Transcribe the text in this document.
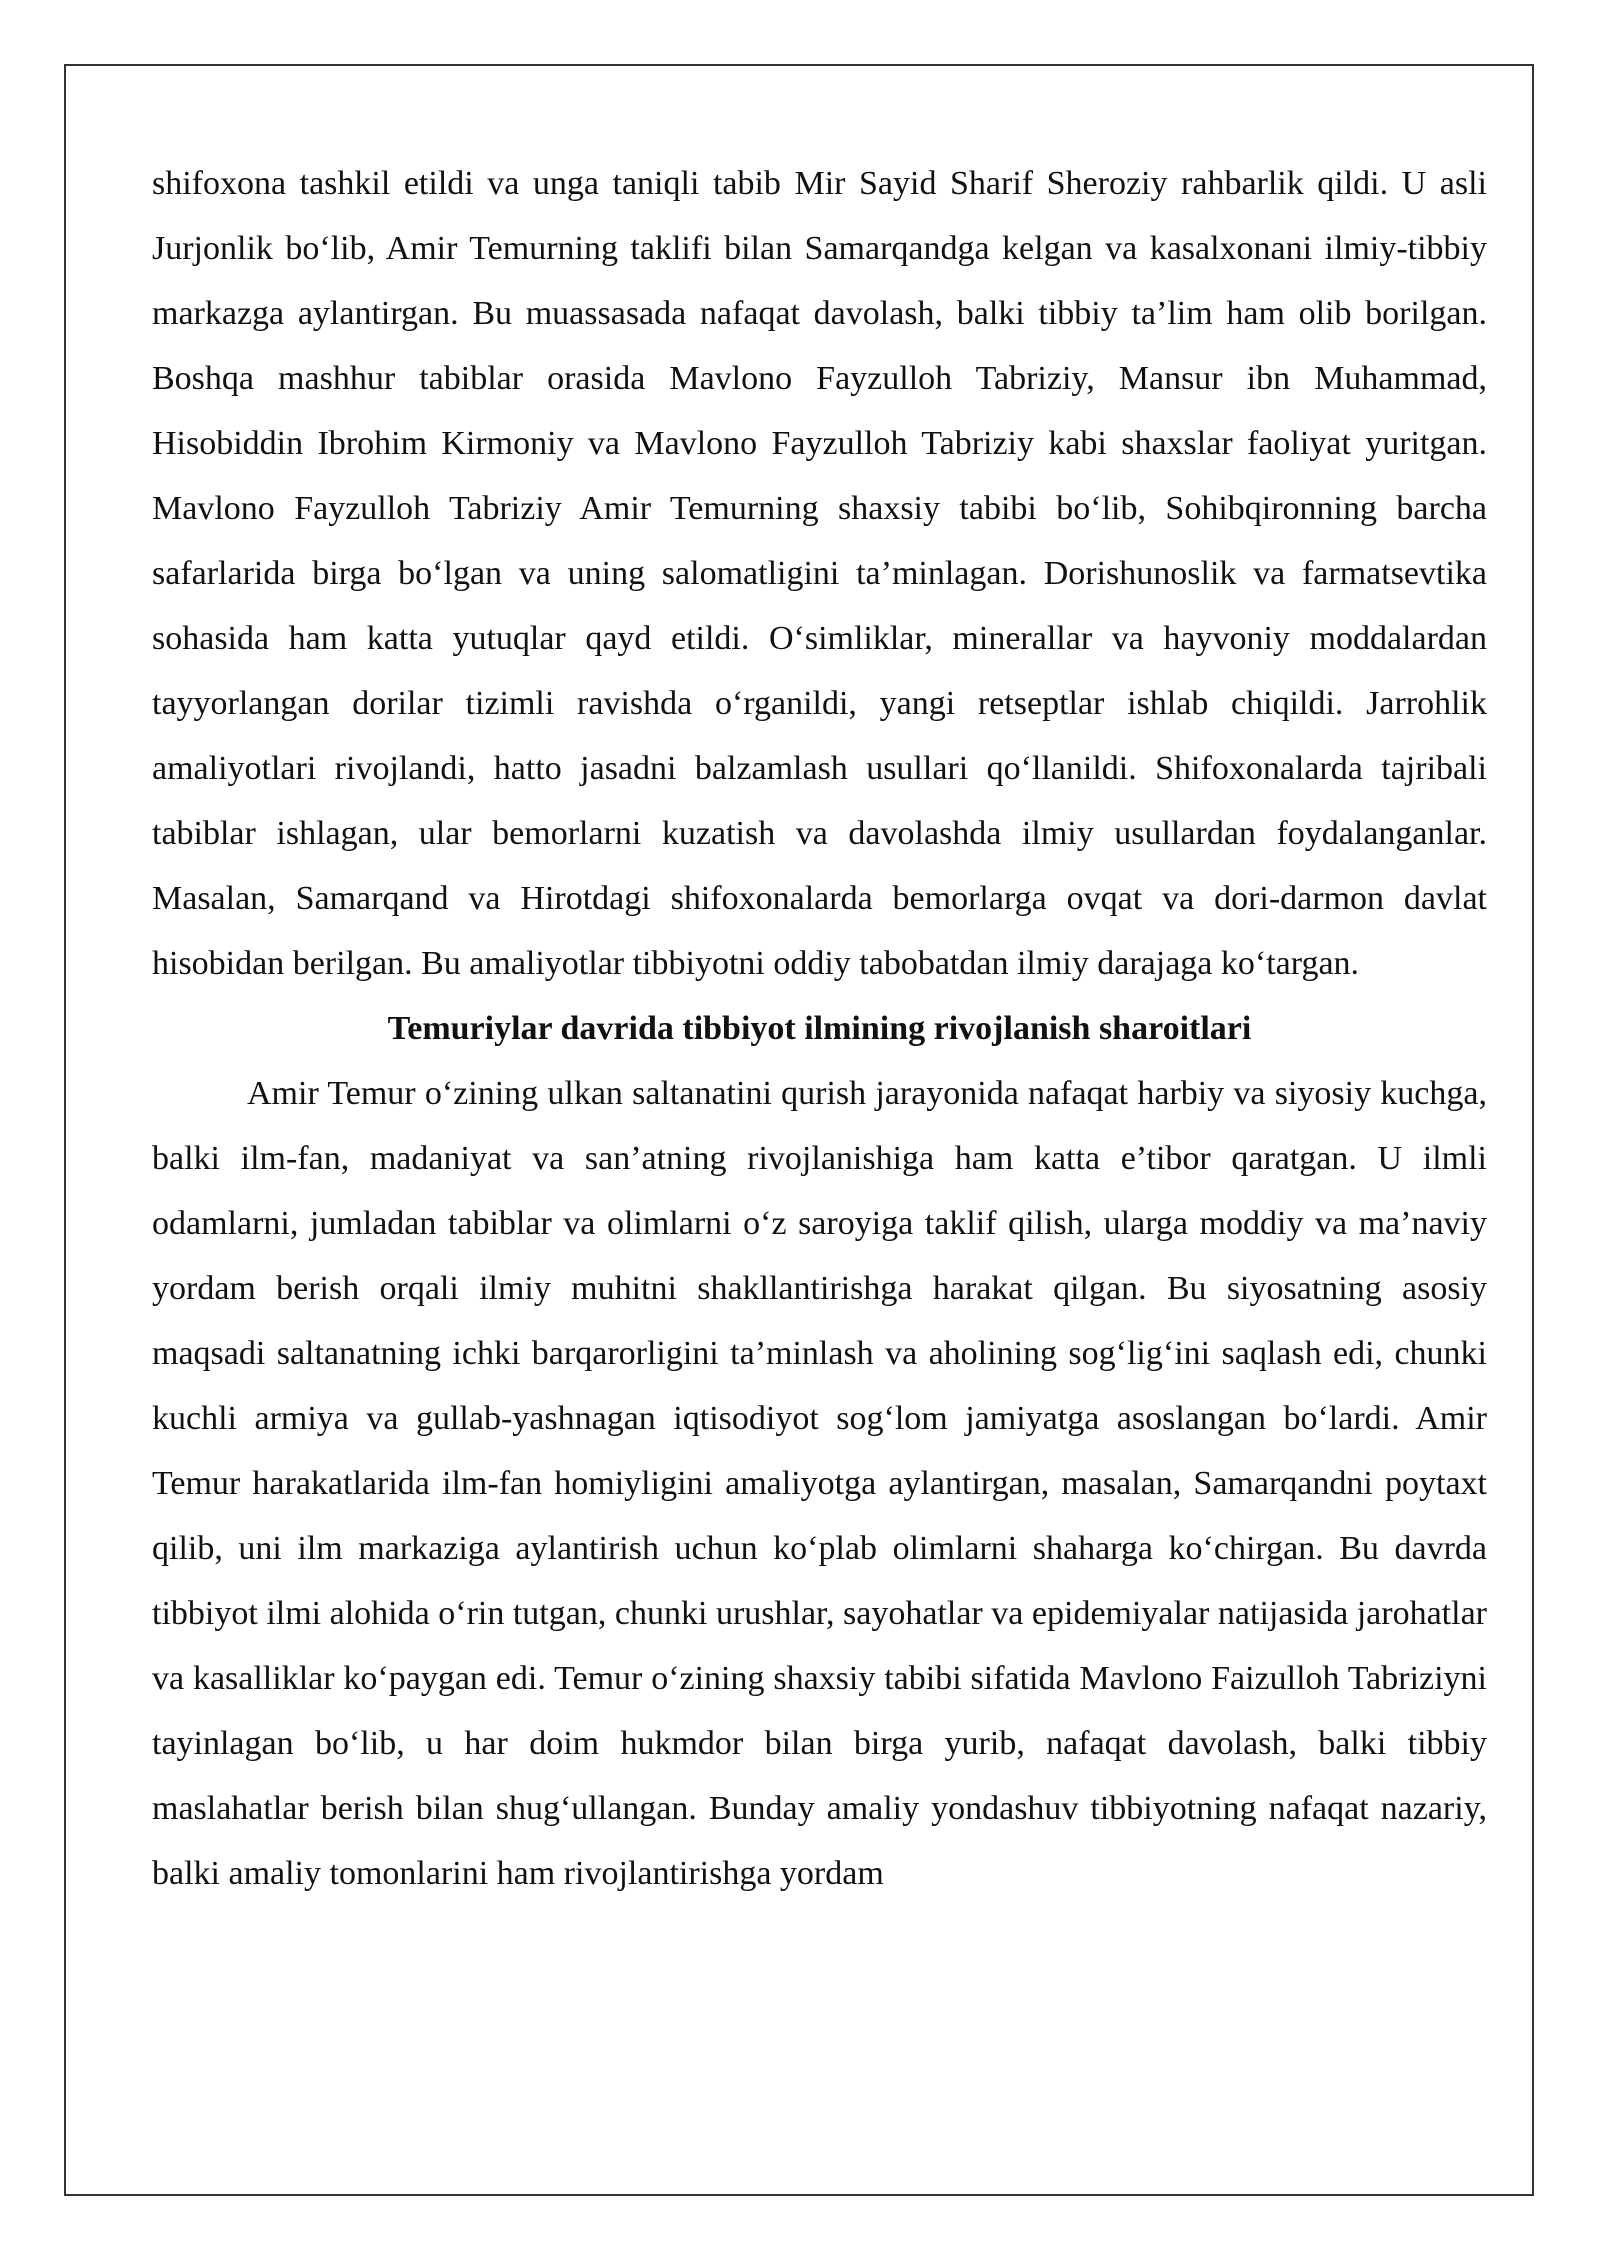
shifoxona tashkil etildi va unga taniqli tabib Mir Sayid Sharif Sheroziy rahbarlik qildi. U asli Jurjonlik bo‘lib, Amir Temurning taklifi bilan Samarqandga kelgan va kasalxonani ilmiy-tibbiy markazga aylantirgan. Bu muassasada nafaqat davolash, balki tibbiy ta’lim ham olib borilgan. Boshqa mashhur tabiblar orasida Mavlono Fayzulloh Tabriziy, Mansur ibn Muhammad, Hisobiddin Ibrohim Kirmoniy va Mavlono Fayzulloh Tabriziy kabi shaxslar faoliyat yuritgan. Mavlono Fayzulloh Tabriziy Amir Temurning shaxsiy tabibi bo‘lib, Sohibqironning barcha safarlarida birga bo‘lgan va uning salomatligini ta’minlagan. Dorishunoslik va farmatsevtika sohasida ham katta yutuqlar qayd etildi. O‘simliklar, minerallar va hayvoniy moddalardan tayyorlangan dorilar tizimli ravishda o‘rganildi, yangi retseptlar ishlab chiqildi. Jarrohlik amaliyotlari rivojlandi, hatto jasadni balzamlash usullari qo‘llanildi. Shifoxonalarda tajribali tabiblar ishlagan, ular bemorlarni kuzatish va davolashda ilmiy usullardan foydalanganlar. Masalan, Samarqand va Hirotdagi shifoxonalarda bemorlarga ovqat va dori-darmon davlat hisobidan berilgan. Bu amaliyotlar tibbiyotni oddiy tabobatdan ilmiy darajaga ko‘targan.

Temuriylar davrida tibbiyot ilmining rivojlanish sharoitlari

Amir Temur o‘zining ulkan saltanatini qurish jarayonida nafaqat harbiy va siyosiy kuchga, balki ilm-fan, madaniyat va san’atning rivojlanishiga ham katta e’tibor qaratgan. U ilmli odamlarni, jumladan tabiblar va olimlarni o‘z saroyiga taklif qilish, ularga moddiy va ma’naviy yordam berish orqali ilmiy muhitni shakllantirishga harakat qilgan. Bu siyosatning asosiy maqsadi saltanatning ichki barqarorligini ta’minlash va aholining sog‘lig‘ini saqlash edi, chunki kuchli armiya va gullab-yashnagan iqtisodiyot sog‘lom jamiyatga asoslangan bo‘lardi. Amir Temur harakatlarida ilm-fan homiyligini amaliyotga aylantirgan, masalan, Samarqandni poytaxt qilib, uni ilm markaziga aylantirish uchun ko‘plab olimlarni shaharga ko‘chirgan. Bu davrda tibbiyot ilmi alohida o‘rin tutgan, chunki urushlar, sayohatlar va epidemiyalar natijasida jarohatlar va kasalliklar ko‘paygan edi. Temur o‘zining shaxsiy tabibi sifatida Mavlono Faizulloh Tabriziyni tayinlagan bo‘lib, u har doim hukmdor bilan birga yurib, nafaqat davolash, balki tibbiy maslahatlar berish bilan shug‘ullangan. Bunday amaliy yondashuv tibbiyotning nafaqat nazariy, balki amaliy tomonlarini ham rivojlantirishga yordam
